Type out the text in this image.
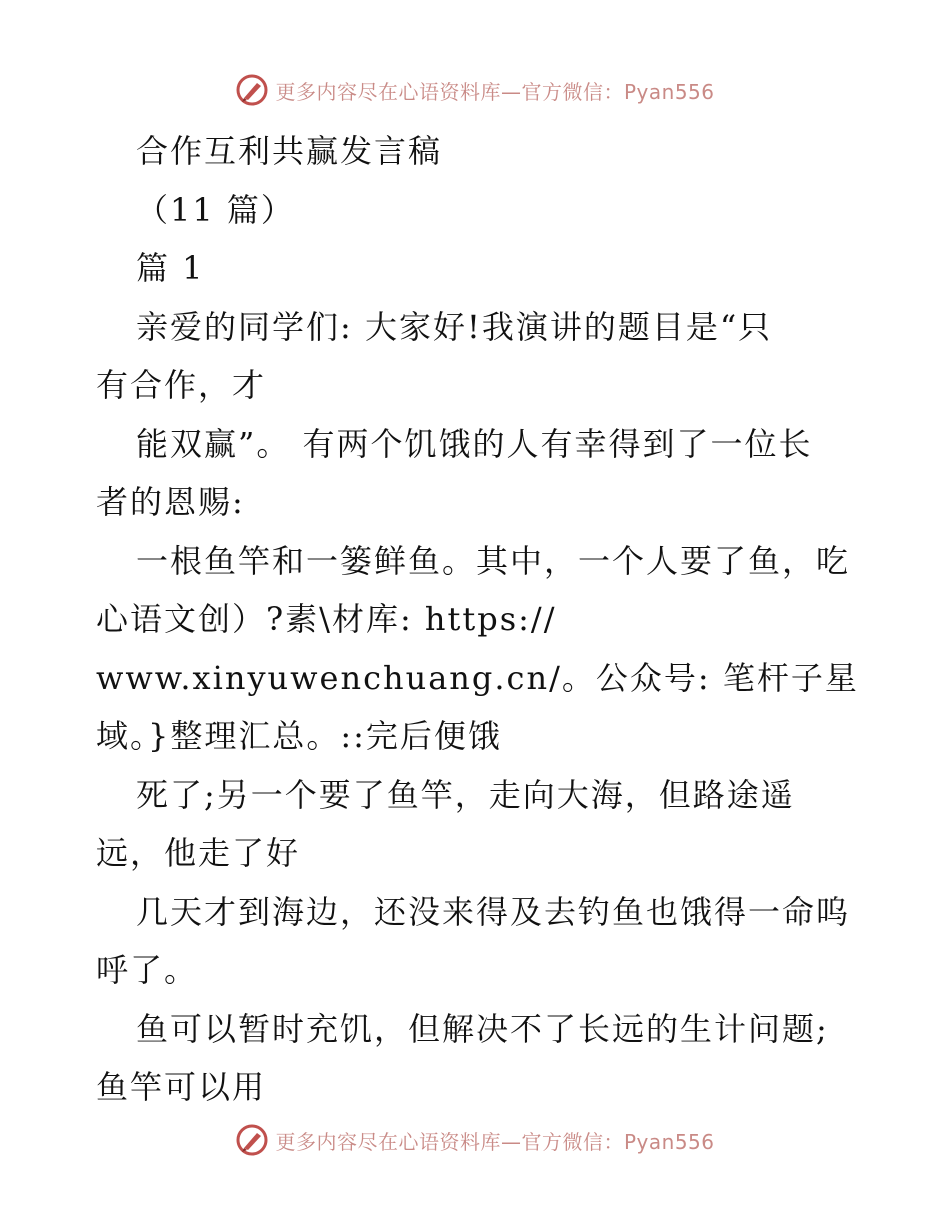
更多内容尽在心语资料库—官方微信：Pyan556
合作互利共赢发言稿
（11 篇）
篇 1
亲爱的同学们: 大家好!我演讲的题目是“只
有合作，才
能双赢”。 有两个饥饿的人有幸得到了一位长
者的恩赐:
一根鱼竿和一篓鲜鱼。其中，一个人要了鱼，吃
心语文创）?素\材库: https://
www.xinyuwenchuang.cn/。公众号: 笔杆子星
域。}整理汇总。::完后便饿
死了;另一个要了鱼竿，走向大海，但路途遥
远，他走了好
几天才到海边，还没来得及去钓鱼也饿得一命呜
呼了。
鱼可以暂时充饥，但解决不了长远的生计问题;
鱼竿可以用
更多内容尽在心语资料库—官方微信：Pyan556
